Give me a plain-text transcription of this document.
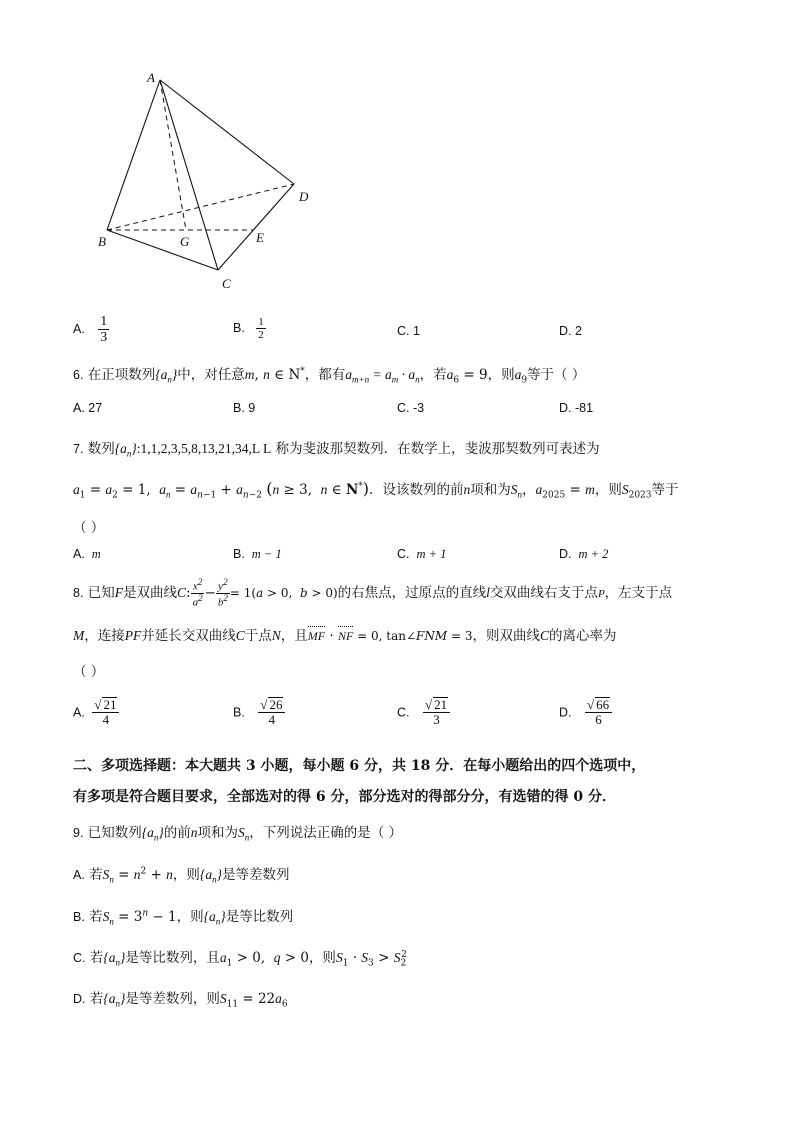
A
B
C
D
E
G
A. $\frac{1}{3}$	B. $\frac{1}{2}$	C. 1	D. 2
6. 在正项数列$\{a_n\}$中，对任意m, n ∈ N*，都有$a_{m+n} = a_m \cdot a_n$，若$a_6 = 9$，则$a_9$等于（ ）
A. 27	B. 9	C. -3	D. -81
7. 数列$\{a_n\}:1,1,2,3,5,8,13,21,34,L$ L 称为斐波那契数列．在数学上，斐波那契数列可表述为
$a_1 = a_2 = 1$,  $a_n = a_{n-1} + a_{n-2}$ (n ≥ 3,  n ∈ N*)．设该数列的前n项和为$S_n$，$a_{2025} = m$，则$S_{2023}$等于
（ ）
A. m	B. m − 1	C. m + 1	D. m + 2
8. 已知F是双曲线C: $\frac{x^2}{a^2} - \frac{y^2}{b^2} = 1(a > 0$,  b > 0)的右焦点，过原点的直线l交双曲线右支于点P，左支于点
M，连接PF并延长交双曲线C于点N，且MF · NF = 0, tan∠FNM = 3，则双曲线C的离心率为
（ ）
A. $\frac{√ 21}{4}$	B. $\frac{√ 26}{4}$	C. $\frac{√ 21}{3}$	D. $\frac{√ 66}{6}$
二、多项选择题：本大题共 3 小题，每小题 6 分，共 18 分．在每小题给出的四个选项中，
有多项是符合题目要求，全部选对的得 6 分，部分选对的得部分分，有选错的得 0 分．
9. 已知数列$\{a_n\}$的前n项和为$S_n$，下列说法正确的是（ ）
A. 若$S_n = n^2 + n$，则$\{a_n\}$是等差数列
B. 若$S_n = 3^n - 1$，则$\{a_n\}$是等比数列
C. 若$\{a_n\}$是等比数列，且$a_1 > 0$,  q > 0，则$S_1 \cdot S_3 > S_2^2$
D. 若$\{a_n\}$是等差数列，则$S_{11} = 22a_6$
